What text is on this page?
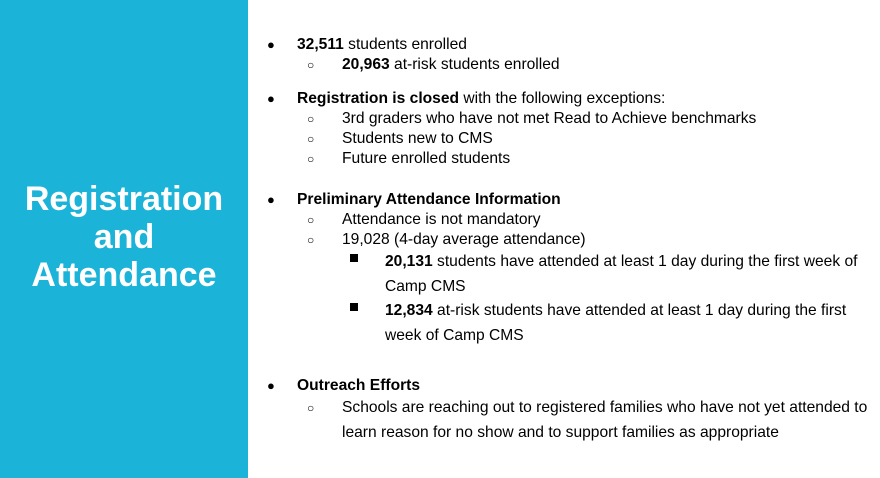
Registration
and
Attendance
●	32,511 students enrolled
○ 20,963 at-risk students enrolled
●	Registration is closed with the following exceptions:
○ 3rd graders who have not met Read to Achieve benchmarks
○ Students new to CMS
○ Future enrolled students
●	Preliminary Attendance Information
○ Attendance is not mandatory
○ 19,028 (4-day average attendance)
20,131 students have attended at least 1 day during the first week of Camp CMS
12,834 at-risk students have attended at least 1 day during the first week of Camp CMS
●	Outreach Efforts
○ Schools are reaching out to registered families who have not yet attended to learn reason for no show and to support families as appropriate
